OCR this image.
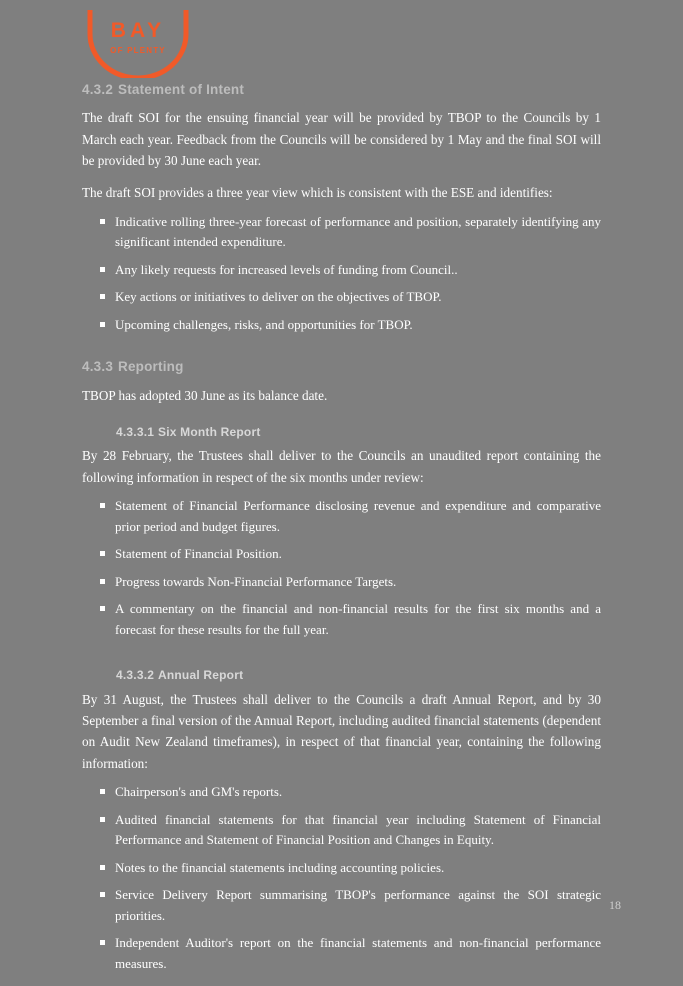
BAY
OF PLENTY
4.3.2 Statement of Intent

The draft SOI for the ensuing financial year will be provided by TBOP to the Councils by 1 March each year. Feedback from the Councils will be considered by 1 May and the final SOI will be provided by 30 June each year.

The draft SOI provides a three year view which is consistent with the ESE and identifies:

Indicative rolling three-year forecast of performance and position, separately identifying any significant intended expenditure.
Any likely requests for increased levels of funding from Council..
Key actions or initiatives to deliver on the objectives of TBOP.
Upcoming challenges, risks, and opportunities for TBOP.
4.3.3 Reporting

TBOP has adopted 30 June as its balance date.

4.3.3.1 Six Month Report

By 28 February, the Trustees shall deliver to the Councils an unaudited report containing the following information in respect of the six months under review:

Statement of Financial Performance disclosing revenue and expenditure and comparative prior period and budget figures.
Statement of Financial Position.
Progress towards Non-Financial Performance Targets.
A commentary on the financial and non-financial results for the first six months and a forecast for these results for the full year.
4.3.3.2 Annual Report

By 31 August, the Trustees shall deliver to the Councils a draft Annual Report, and by 30 September a final version of the Annual Report, including audited financial statements (dependent on Audit New Zealand timeframes), in respect of that financial year, containing the following information:

Chairperson's and GM's reports.
Audited financial statements for that financial year including Statement of Financial Performance and Statement of Financial Position and Changes in Equity.
Notes to the financial statements including accounting policies.
Service Delivery Report summarising TBOP's performance against the SOI strategic priorities.
Independent Auditor's report on the financial statements and non-financial performance measures.
18
